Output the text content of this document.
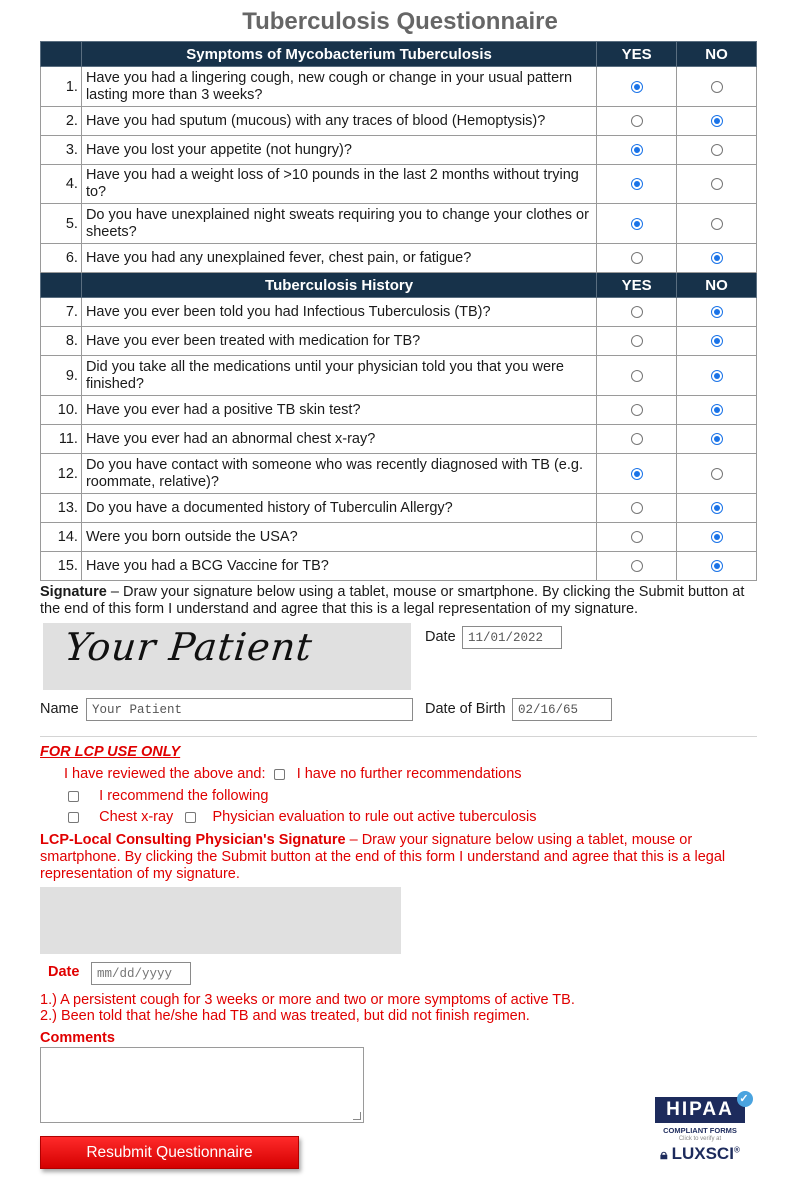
Tuberculosis Questionnaire
	Symptoms of Mycobacterium Tuberculosis	YES	NO
1.	Have you had a lingering cough, new cough or change in your usual pattern lasting more than 3 weeks?		
2.	Have you had sputum (mucous) with any traces of blood (Hemoptysis)?		
3.	Have you lost your appetite (not hungry)?		
4.	Have you had a weight loss of >10 pounds in the last 2 months without trying to?		
5.	Do you have unexplained night sweats requiring you to change your clothes or sheets?		
6.	Have you had any unexplained fever, chest pain, or fatigue?		
	Tuberculosis History	YES	NO
7.	Have you ever been told you had Infectious Tuberculosis (TB)?		
8.	Have you ever been treated with medication for TB?		
9.	Did you take all the medications until your physician told you that you were finished?		
10.	Have you ever had a positive TB skin test?		
11.	Have you ever had an abnormal chest x-ray?		
12.	Do you have contact with someone who was recently diagnosed with TB (e.g. roommate, relative)?		
13.	Do you have a documented history of Tuberculin Allergy?		
14.	Were you born outside the USA?		
15.	Have you had a BCG Vaccine for TB?		
Signature – Draw your signature below using a tablet, mouse or smartphone. By clicking the Submit button at the end of this form I understand and agree that this is a legal representation of my signature.
Your Patient	Date 11/01/2022
Name	Your Patient	Date of Birth 02/16/65
FOR LCP USE ONLY
I have reviewed the above and: I have no further recommendations
I recommend the following
Chest x-ray	Physician evaluation to rule out active tuberculosis
LCP-Local Consulting Physician's Signature – Draw your signature below using a tablet, mouse or smartphone. By clicking the Submit button at the end of this form I understand and agree that this is a legal representation of my signature.
Date
mm/dd/yyyy
1.) A persistent cough for 3 weeks or more and two or more symptoms of active TB.
2.) Been told that he/she had TB and was treated, but did not finish regimen.
Comments
Resubmit Questionnaire
HIPAA ✓
COMPLIANT FORMS
Click to verify at
🔒︎ LUXSCI®
